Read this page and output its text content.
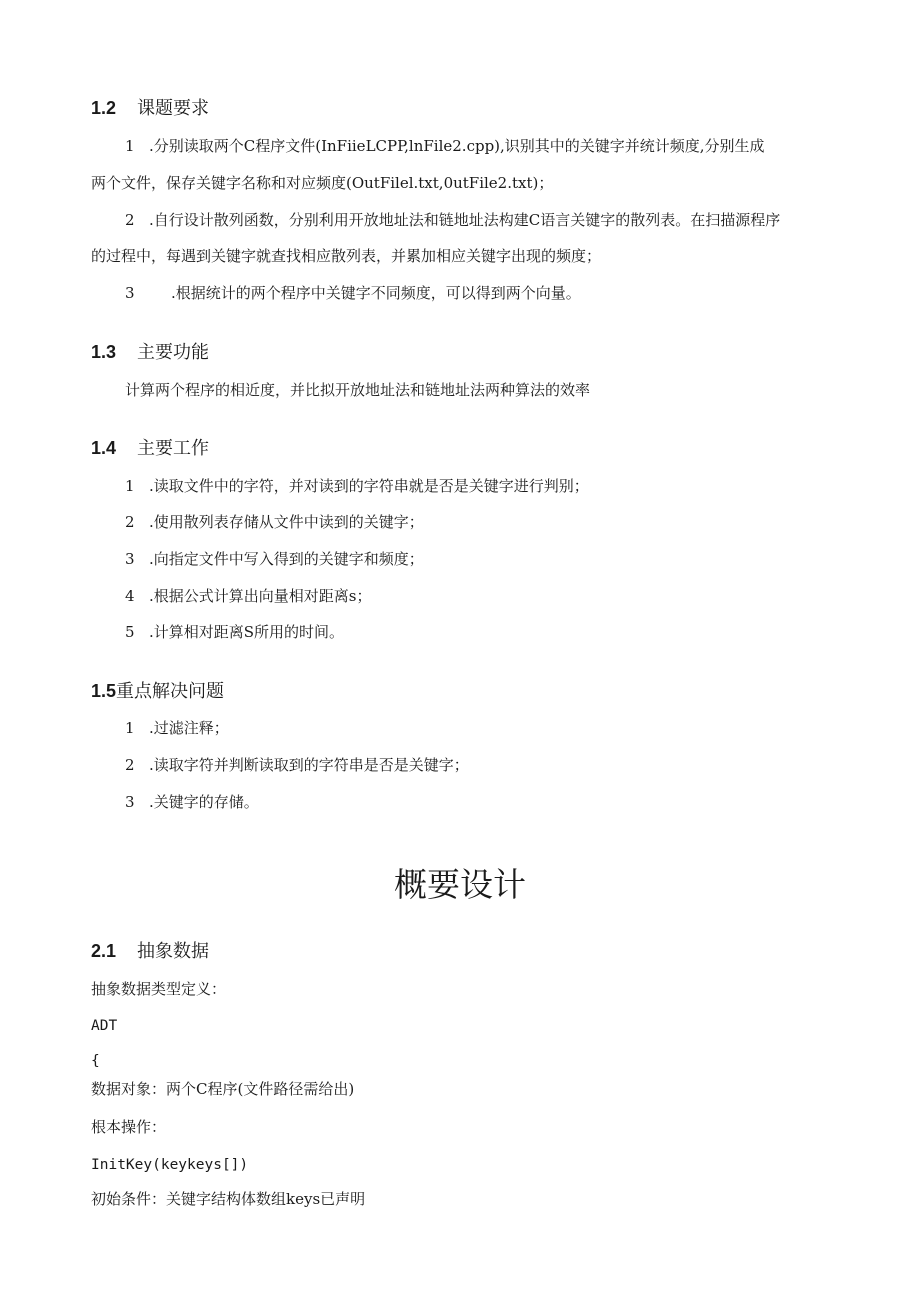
1.2 课题要求
1 .分别读取两个C程序文件(InFiieLCPP,lnFile2.cpp),识别其中的关键字并统计频度,分别生成
两个文件，保存关键字名称和对应频度(OutFilel.txt,0utFile2.txt)；
2 .自行设计散列函数，分别利用开放地址法和链地址法构建C语言关键字的散列表。在扫描源程序
的过程中，每遇到关键字就查找相应散列表，并累加相应关键字出现的频度；
3 .根据统计的两个程序中关键字不同频度，可以得到两个向量。
1.3 主要功能
计算两个程序的相近度，并比拟开放地址法和链地址法两种算法的效率
1.4 主要工作
1 .读取文件中的字符，并对读到的字符串就是否是关键字进行判别；
2 .使用散列表存储从文件中读到的关键字；
3 .向指定文件中写入得到的关键字和频度；
4 .根据公式计算出向量相对距离s；
5 .计算相对距离S所用的时间。
1.5重点解决问题
1 .过滤注释；
2 .读取字符并判断读取到的字符串是否是关键字；
3 .关键字的存储。
概要设计
2.1 抽象数据
抽象数据类型定义：
ADT
{
数据对象：两个C程序(文件路径需给出)
根本操作：
InitKey(keykeys[])
初始条件：关键字结构体数组keys已声明
